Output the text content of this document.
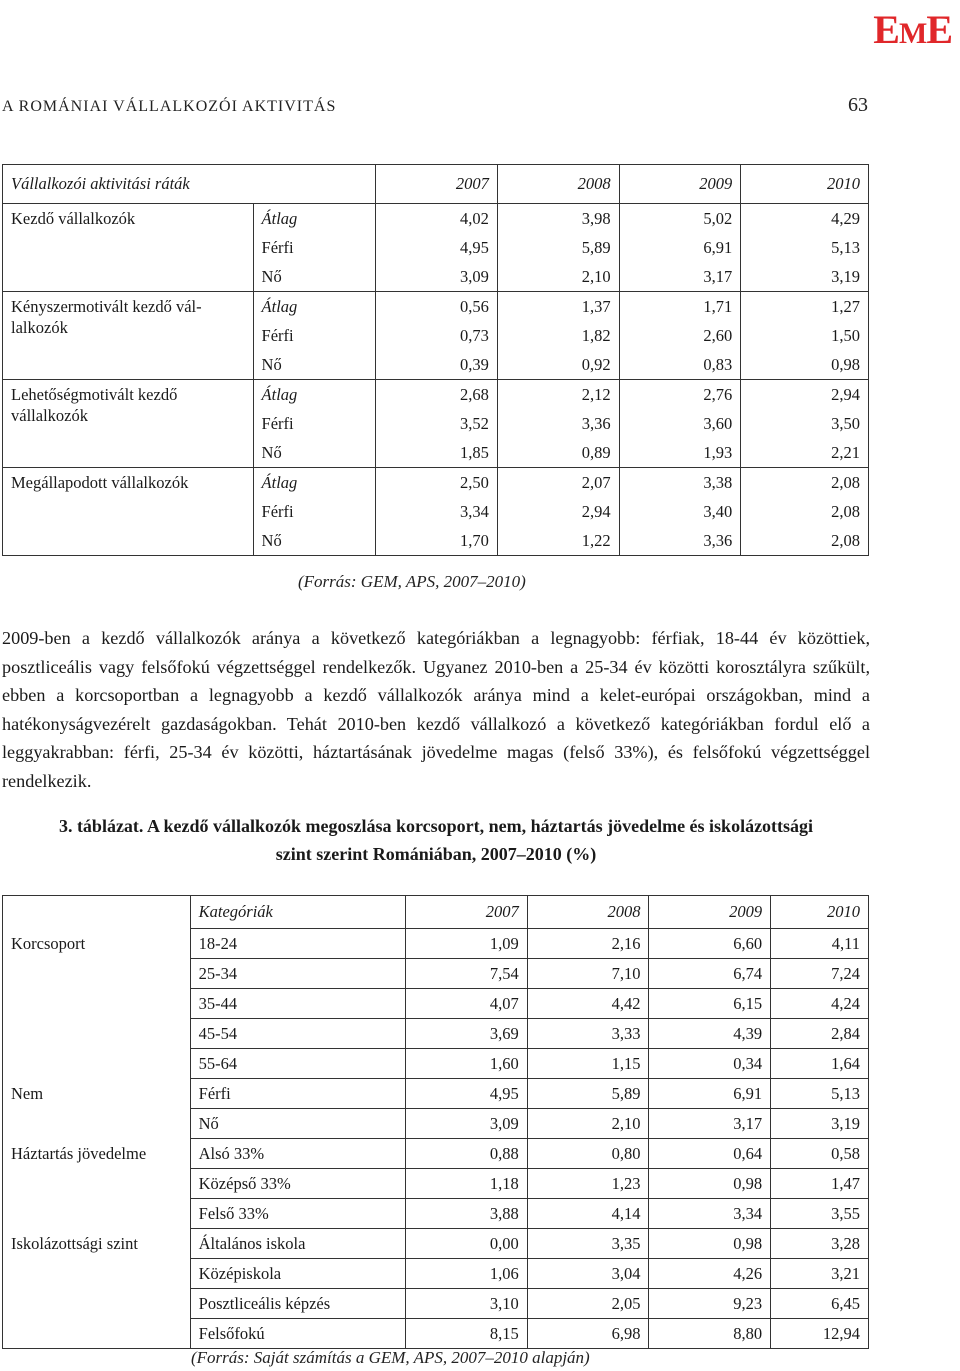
EME
A ROMÁNIAI VÁLLALKOZÓI AKTIVITÁS	63
Vállalkozói aktivitási ráták		2007	2008	2009	2010
Kezdő vállalkozók	Átlag	4,02	3,98	5,02	4,29
	Férfi	4,95	5,89	6,91	5,13
	Nő	3,09	2,10	3,17	3,19
Kényszermotivált kezdő vál-lalkozók	Átlag	0,56	1,37	1,71	1,27
	Férfi	0,73	1,82	2,60	1,50
	Nő	0,39	0,92	0,83	0,98
Lehetőségmotivált kezdő vállalkozók	Átlag	2,68	2,12	2,76	2,94
	Férfi	3,52	3,36	3,60	3,50
	Nő	1,85	0,89	1,93	2,21
Megállapodott vállalkozók	Átlag	2,50	2,07	3,38	2,08
	Férfi	3,34	2,94	3,40	2,08
	Nő	1,70	1,22	3,36	2,08
(Forrás: GEM, APS, 2007–2010)
2009-ben a kezdő vállalkozók aránya a következő kategóriákban a legnagyobb: férfiak, 18-44 év közöttiek, posztliceális vagy felsőfokú végzettséggel rendelkezők. Ugyanez 2010-ben a 25-34 év közötti korosztályra szűkült, ebben a korcsoportban a legnagyobb a kezdő vállalkozók aránya mind a kelet-európai országokban, mind a hatékonyságvezérelt gazdaságokban. Tehát 2010-ben kezdő vállalkozó a következő kategóriákban fordul elő a leggyakrabban: férfi, 25-34 év közötti, háztartásának jövedelme magas (felső 33%), és felsőfokú végzettséggel rendelkezik.
3. táblázat. A kezdő vállalkozók megoszlása korcsoport, nem, háztartás jövedelme és iskolázottsági
szint szerint Romániában, 2007–2010 (%)
	Kategóriák	2007	2008	2009	2010
Korcsoport	18-24	1,09	2,16	6,60	4,11
	25-34	7,54	7,10	6,74	7,24
	35-44	4,07	4,42	6,15	4,24
	45-54	3,69	3,33	4,39	2,84
	55-64	1,60	1,15	0,34	1,64
Nem	Férfi	4,95	5,89	6,91	5,13
	Nő	3,09	2,10	3,17	3,19
Háztartás jövedelme	Alsó 33%	0,88	0,80	0,64	0,58
	Középső 33%	1,18	1,23	0,98	1,47
	Felső 33%	3,88	4,14	3,34	3,55
Iskolázottsági szint	Általános iskola	0,00	3,35	0,98	3,28
	Középiskola	1,06	3,04	4,26	3,21
	Posztliceális képzés	3,10	2,05	9,23	6,45
	Felsőfokú	8,15	6,98	8,80	12,94
(Forrás: Saját számítás a GEM, APS, 2007–2010 alapján)
